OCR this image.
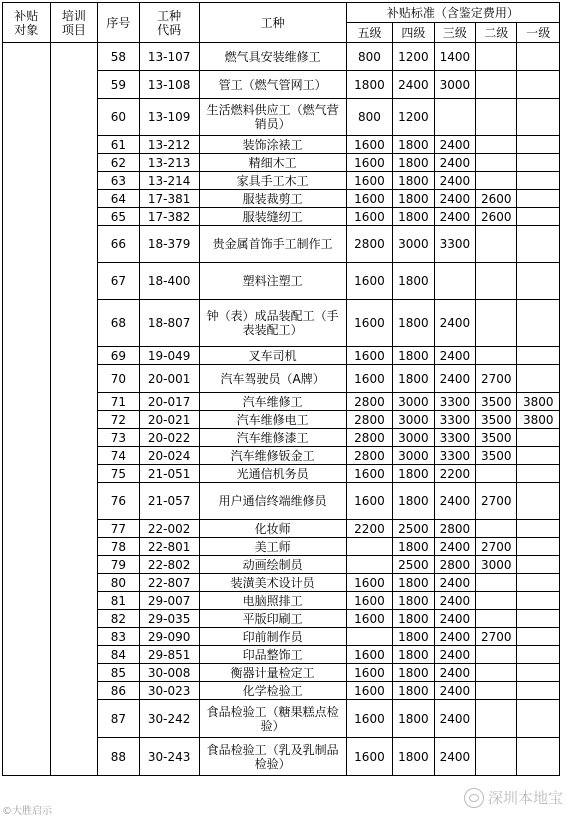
补贴对象	培训项目	序号	工种代码	工种	补贴标准（含鉴定费用）				
					五级	四级	三级	二级	一级
		58	13-107	燃气具安装维修工	800	1200	1400		
		59	13-108	管工（燃气管网工）	1800	2400	3000		
		60	13-109	生活燃料供应工（燃气营销员）	800	1200			
		61	13-212	装饰涂裱工	1600	1800	2400		
		62	13-213	精细木工	1600	1800	2400		
		63	13-214	家具手工木工	1600	1800	2400		
		64	17-381	服装裁剪工	1600	1800	2400	2600	
		65	17-382	服装缝纫工	1600	1800	2400	2600	
		66	18-379	贵金属首饰手工制作工	2800	3000	3300		
		67	18-400	塑料注塑工	1600	1800			
		68	18-807	钟（表）成品装配工（手表装配工）	1600	1800	2400		
		69	19-049	叉车司机	1600	1800	2400		
		70	20-001	汽车驾驶员（A牌）	1600	1800	2400	2700	
		71	20-017	汽车维修工	2800	3000	3300	3500	3800
		72	20-021	汽车维修电工	2800	3000	3300	3500	3800
		73	20-022	汽车维修漆工	2800	3000	3300	3500	
		74	20-024	汽车维修钣金工	2800	3000	3300	3500	
		75	21-051	光通信机务员	1600	1800	2200		
		76	21-057	用户通信终端维修员	1600	1800	2400	2700	
		77	22-002	化妆师	2200	2500	2800		
		78	22-801	美工师		1800	2400	2700	
		79	22-802	动画绘制员		2500	2800	3000	
		80	22-807	装潢美术设计员	1600	1800	2400		
		81	29-007	电脑照排工	1600	1800	2400		
		82	29-035	平版印刷工	1600	1800	2400		
		83	29-090	印前制作员		1800	2400	2700	
		84	29-851	印品整饰工	1600	1800	2400		
		85	30-008	衡器计量检定工	1600	1800	2400		
		86	30-023	化学检验工	1600	1800	2400		
		87	30-242	食品检验工（糖果糕点检验）	1600	1800	2400		
		88	30-243	食品检验工（乳及乳制品检验）	1600	1800	2400		
©大胜启示
深圳本地宝
